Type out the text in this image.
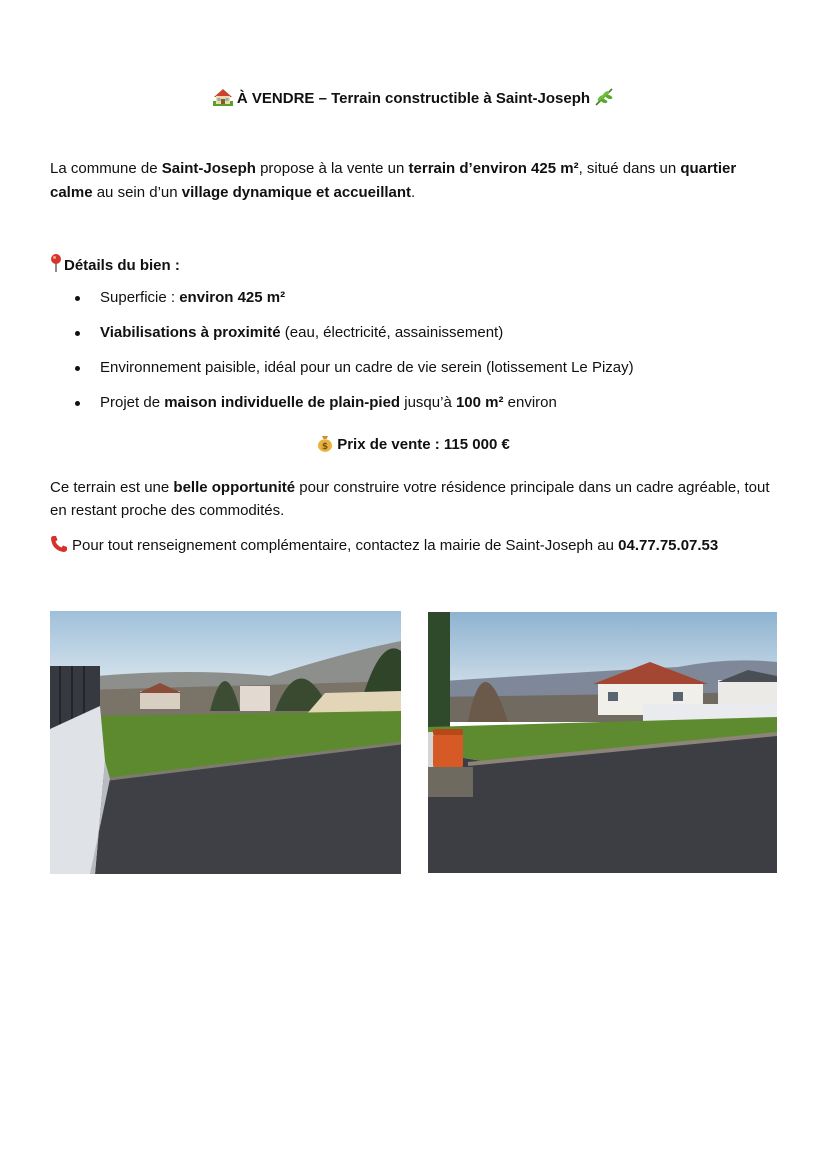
À VENDRE – Terrain constructible à Saint-Joseph
La commune de Saint-Joseph propose à la vente un terrain d’environ 425 m², situé dans un quartier calme au sein d’un village dynamique et accueillant.
Détails du bien :
Superficie : environ 425 m²
Viabilisations à proximité (eau, électricité, assainissement)
Environnement paisible, idéal pour un cadre de vie serein (lotissement Le Pizay)
Projet de maison individuelle de plain-pied jusqu’à 100 m² environ
$ Prix de vente : 115 000 €
Ce terrain est une belle opportunité pour construire votre résidence principale dans un cadre agréable, tout en restant proche des commodités.
Pour tout renseignement complémentaire, contactez la mairie de Saint-Joseph au 04.77.75.07.53
